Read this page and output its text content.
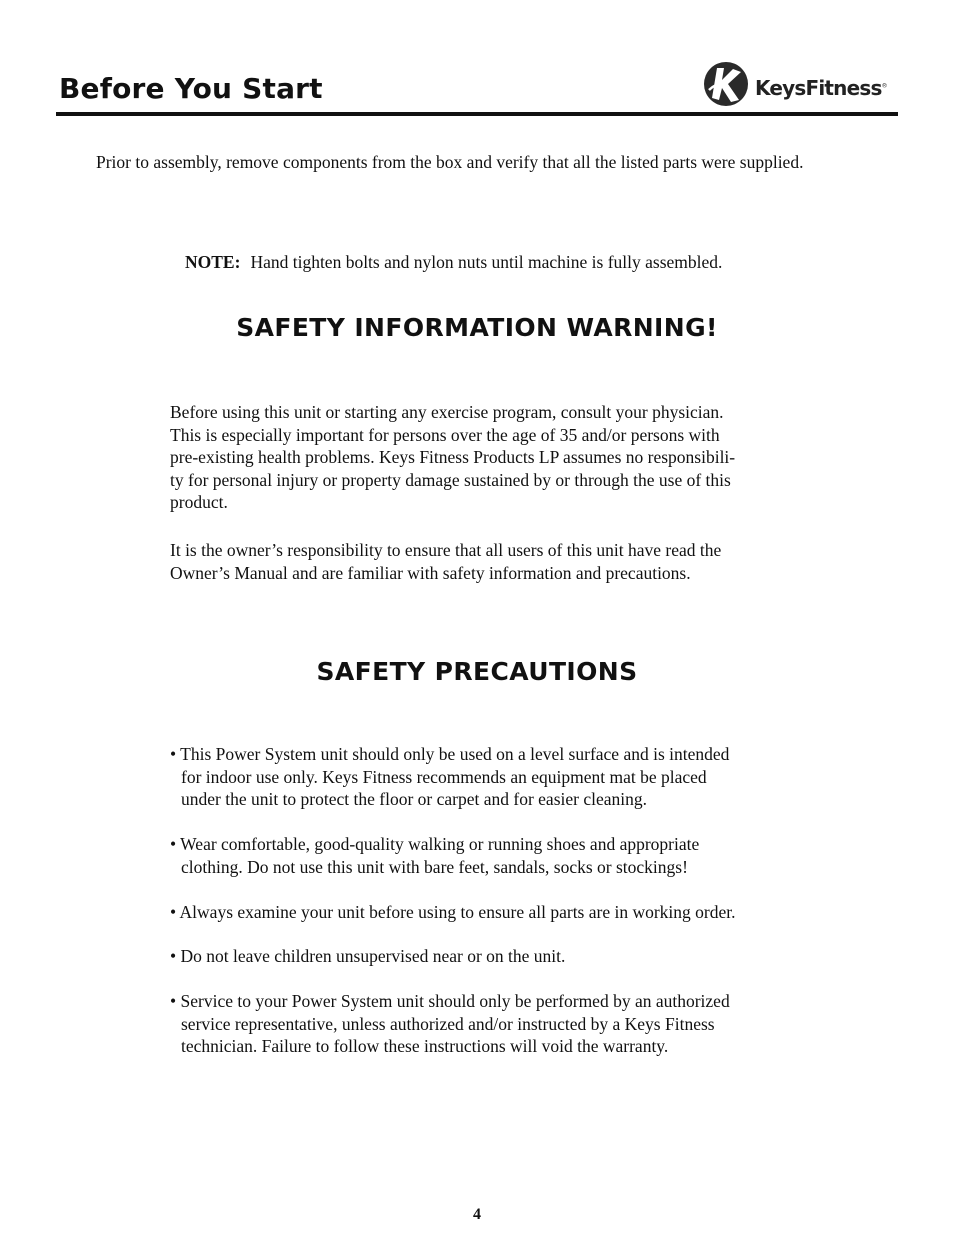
Before You Start	KeysFitness®

Prior to assembly, remove components from the box and verify that all the listed parts were supplied.

NOTE: Hand tighten bolts and nylon nuts until machine is fully assembled.

SAFETY INFORMATION WARNING!
Before using this unit or starting any exercise program, consult your physician.
This is especially important for persons over the age of 35 and/or persons with
pre-existing health problems. Keys Fitness Products LP assumes no responsibili-
ty for personal injury or property damage sustained by or through the use of this
product.
It is the owner’s responsibility to ensure that all users of this unit have read the
Owner’s Manual and are familiar with safety information and precautions.
SAFETY PRECAUTIONS
• This Power System unit should only be used on a level surface and is intended
for indoor use only. Keys Fitness recommends an equipment mat be placed
under the unit to protect the floor or carpet and for easier cleaning.
• Wear comfortable, good-quality walking or running shoes and appropriate
clothing. Do not use this unit with bare feet, sandals, socks or stockings!
• Always examine your unit before using to ensure all parts are in working order.
• Do not leave children unsupervised near or on the unit.
• Service to your Power System unit should only be performed by an authorized
service representative, unless authorized and/or instructed by a Keys Fitness
technician. Failure to follow these instructions will void the warranty.

4
